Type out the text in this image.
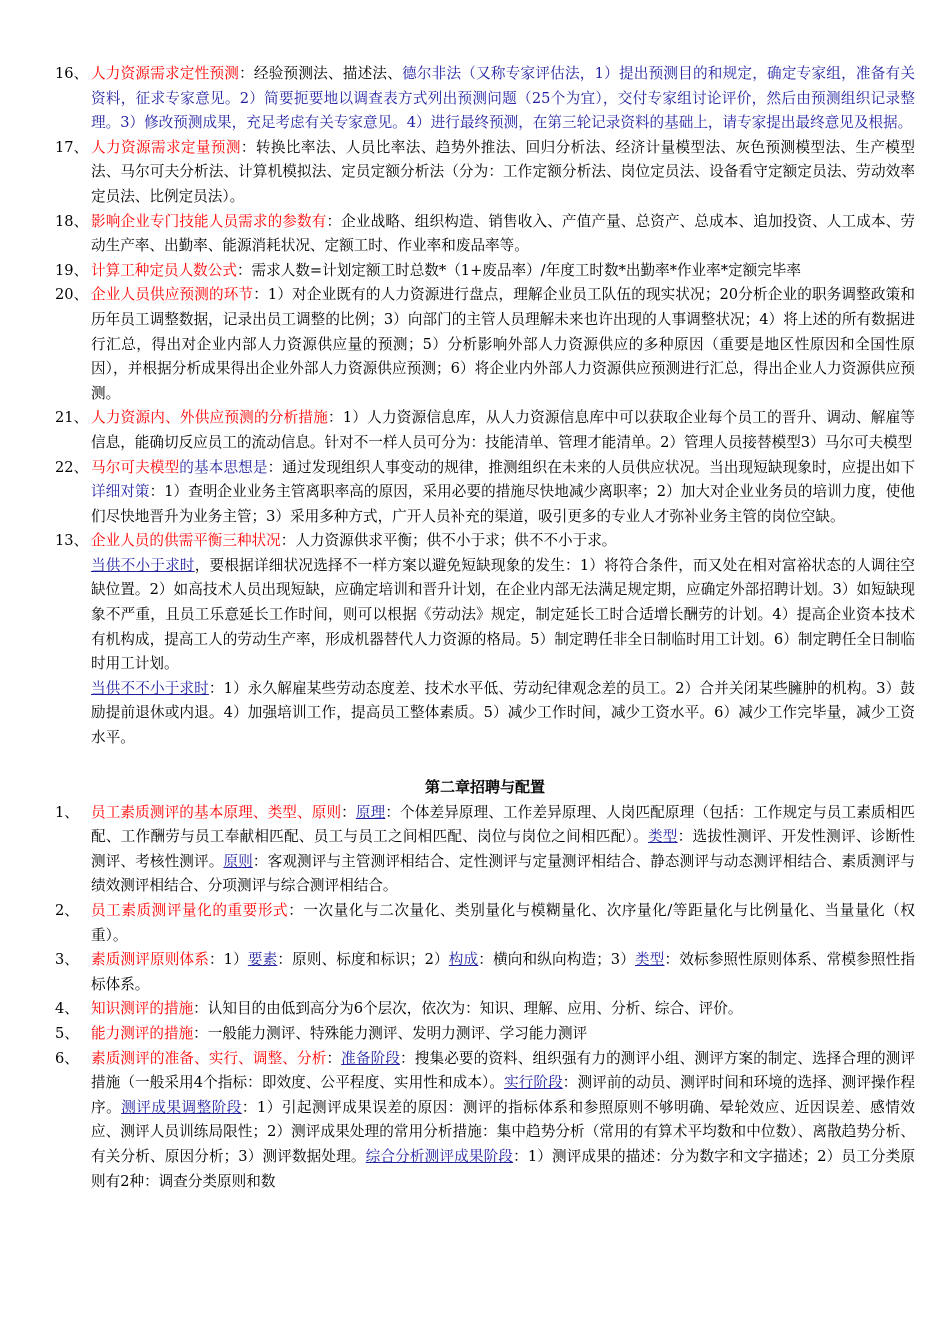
16、 人力资源需求定性预测：经验预测法、描述法、德尔非法（又称专家评估法，1）提出预测目的和规定，确定专家组，准备有关资料，征求专家意见。2）简要扼要地以调查表方式列出预测问题（25个为宜），交付专家组讨论评价，然后由预测组织记录整理。3）修改预测成果，充足考虑有关专家意见。4）进行最终预测，在第三轮记录资料的基础上，请专家提出最终意见及根据。
17、 人力资源需求定量预测：转换比率法、人员比率法、趋势外推法、回归分析法、经济计量模型法、灰色预测模型法、生产模型法、马尔可夫分析法、计算机模拟法、定员定额分析法（分为：工作定额分析法、岗位定员法、设备看守定额定员法、劳动效率定员法、比例定员法）。
18、 影响企业专门技能人员需求的参数有：企业战略、组织构造、销售收入、产值产量、总资产、总成本、追加投资、人工成本、劳动生产率、出勤率、能源消耗状况、定额工时、作业率和废品率等。
19、 计算工种定员人数公式：需求人数=计划定额工时总数*（1+废品率）/年度工时数*出勤率*作业率*定额完毕率
20、 企业人员供应预测的环节：1）对企业既有的人力资源进行盘点，理解企业员工队伍的现实状况；20分析企业的职务调整政策和历年员工调整数据，记录出员工调整的比例；3）向部门的主管人员理解未来也许出现的人事调整状况；4）将上述的所有数据进行汇总，得出对企业内部人力资源供应量的预测；5）分析影响外部人力资源供应的多种原因（重要是地区性原因和全国性原因），并根据分析成果得出企业外部人力资源供应预测；6）将企业内外部人力资源供应预测进行汇总，得出企业人力资源供应预测。
21、 人力资源内、外供应预测的分析措施：1）人力资源信息库，从人力资源信息库中可以获取企业每个员工的晋升、调动、解雇等信息，能确切反应员工的流动信息。针对不一样人员可分为：技能清单、管理才能清单。2）管理人员接替模型3）马尔可夫模型
22、 马尔可夫模型的基本思想是：通过发现组织人事变动的规律，推测组织在未来的人员供应状况。当出现短缺现象时，应提出如下详细对策：1）查明企业业务主管离职率高的原因，采用必要的措施尽快地减少离职率；2）加大对企业业务员的培训力度，使他们尽快地晋升为业务主管；3）采用多种方式，广开人员补充的渠道，吸引更多的专业人才弥补业务主管的岗位空缺。
13、 企业人员的供需平衡三种状况：人力资源供求平衡；供不小于求；供不不小于求。
当供不小于求时，要根据详细状况选择不一样方案以避免短缺现象的发生：1）将符合条件，而又处在相对富裕状态的人调往空缺位置。2）如高技术人员出现短缺，应确定培训和晋升计划，在企业内部无法满足规定期，应确定外部招聘计划。3）如短缺现象不严重，且员工乐意延长工作时间，则可以根据《劳动法》规定，制定延长工时合适增长酬劳的计划。4）提高企业资本技术有机构成，提高工人的劳动生产率，形成机器替代人力资源的格局。5）制定聘任非全日制临时用工计划。6）制定聘任全日制临时用工计划。
当供不不小于求时：1）永久解雇某些劳动态度差、技术水平低、劳动纪律观念差的员工。2）合并关闭某些臃肿的机构。3）鼓励提前退休或内退。4）加强培训工作，提高员工整体素质。5）减少工作时间，减少工资水平。6）减少工作完毕量，减少工资水平。
第二章招聘与配置
1、 员工素质测评的基本原理、类型、原则：原理：个体差异原理、工作差异原理、人岗匹配原理（包括：工作规定与员工素质相匹配、工作酬劳与员工奉献相匹配、员工与员工之间相匹配、岗位与岗位之间相匹配）。类型：选拔性测评、开发性测评、诊断性测评、考核性测评。原则：客观测评与主管测评相结合、定性测评与定量测评相结合、静态测评与动态测评相结合、素质测评与绩效测评相结合、分项测评与综合测评相结合。
2、 员工素质测评量化的重要形式：一次量化与二次量化、类别量化与模糊量化、次序量化/等距量化与比例量化、当量量化（权重）。
3、 素质测评原则体系：1）要素：原则、标度和标识；2）构成：横向和纵向构造；3）类型：效标参照性原则体系、常模参照性指标体系。
4、 知识测评的措施：认知目的由低到高分为6个层次，依次为：知识、理解、应用、分析、综合、评价。
5、 能力测评的措施：一般能力测评、特殊能力测评、发明力测评、学习能力测评
6、 素质测评的准备、实行、调整、分析：准备阶段：搜集必要的资料、组织强有力的测评小组、测评方案的制定、选择合理的测评措施（一般采用4个指标：即效度、公平程度、实用性和成本）。实行阶段：测评前的动员、测评时间和环境的选择、测评操作程序。测评成果调整阶段：1）引起测评成果误差的原因：测评的指标体系和参照原则不够明确、晕轮效应、近因误差、感情效应、测评人员训练局限性；2）测评成果处理的常用分析措施：集中趋势分析（常用的有算术平均数和中位数）、离散趋势分析、有关分析、原因分析；3）测评数据处理。综合分析测评成果阶段：1）测评成果的描述：分为数字和文字描述；2）员工分类原则有2种：调查分类原则和数
